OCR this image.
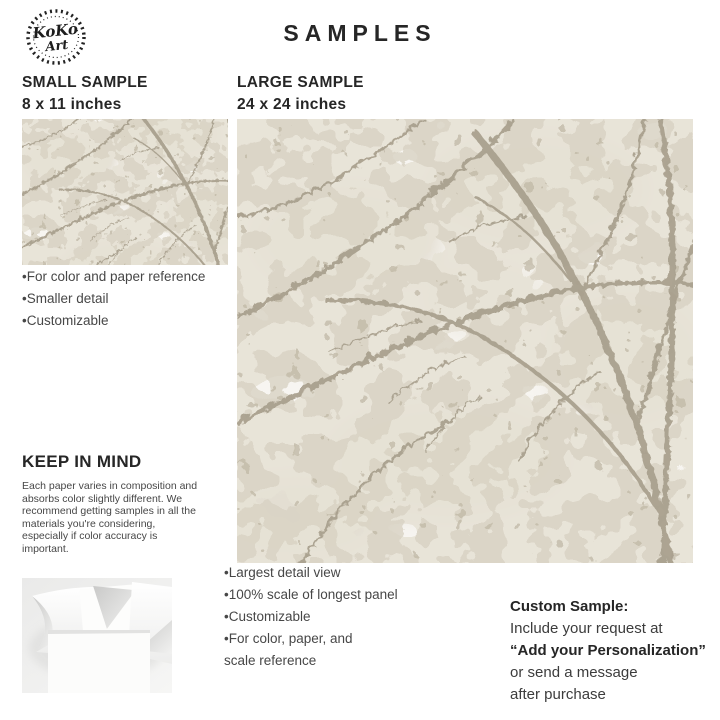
KoKo
Art	SAMPLES
SMALL SAMPLE
8 x 11 inches
LARGE SAMPLE
24 x 24 inches
• For color and paper reference
• Smaller detail
• Customizable
KEEP IN MIND

Each paper varies in composition and absorbs color slightly different. We recommend getting samples in all the materials you're considering, especially if color accuracy is important.

• Largest detail view
• 100% scale of longest panel
• Customizable
• For color, paper, and scale reference
Custom Sample:
Include your request at
“Add your Personalization”
or send a message
after purchase
